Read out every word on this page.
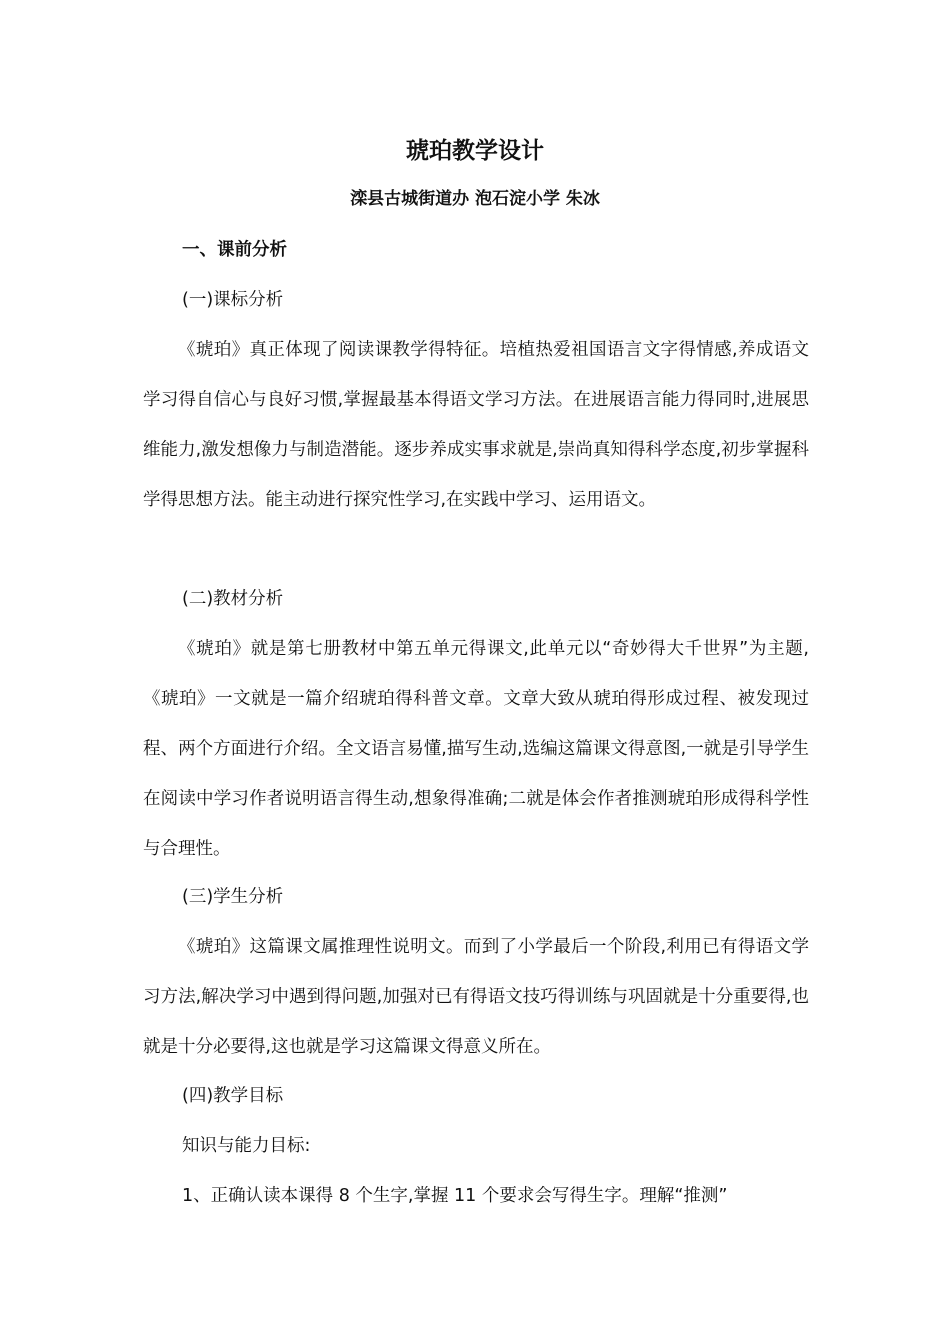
琥珀教学设计
滦县古城街道办 泡石淀小学 朱冰
一、课前分析
(一)课标分析
《琥珀》真正体现了阅读课教学得特征。培植热爱祖国语言文字得情感,养成语文学习得自信心与良好习惯,掌握最基本得语文学习方法。在进展语言能力得同时,进展思维能力,激发想像力与制造潜能。逐步养成实事求就是,崇尚真知得科学态度,初步掌握科学得思想方法。能主动进行探究性学习,在实践中学习、运用语文。
(二)教材分析
《琥珀》就是第七册教材中第五单元得课文,此单元以“奇妙得大千世界”为主题,《琥珀》一文就是一篇介绍琥珀得科普文章。文章大致从琥珀得形成过程、被发现过程、两个方面进行介绍。全文语言易懂,描写生动,选编这篇课文得意图,一就是引导学生在阅读中学习作者说明语言得生动,想象得准确;二就是体会作者推测琥珀形成得科学性与合理性。
(三)学生分析
《琥珀》这篇课文属推理性说明文。而到了小学最后一个阶段,利用已有得语文学习方法,解决学习中遇到得问题,加强对已有得语文技巧得训练与巩固就是十分重要得,也就是十分必要得,这也就是学习这篇课文得意义所在。
(四)教学目标
知识与能力目标:
1、正确认读本课得 8 个生字,掌握 11 个要求会写得生字。理解“推测”
